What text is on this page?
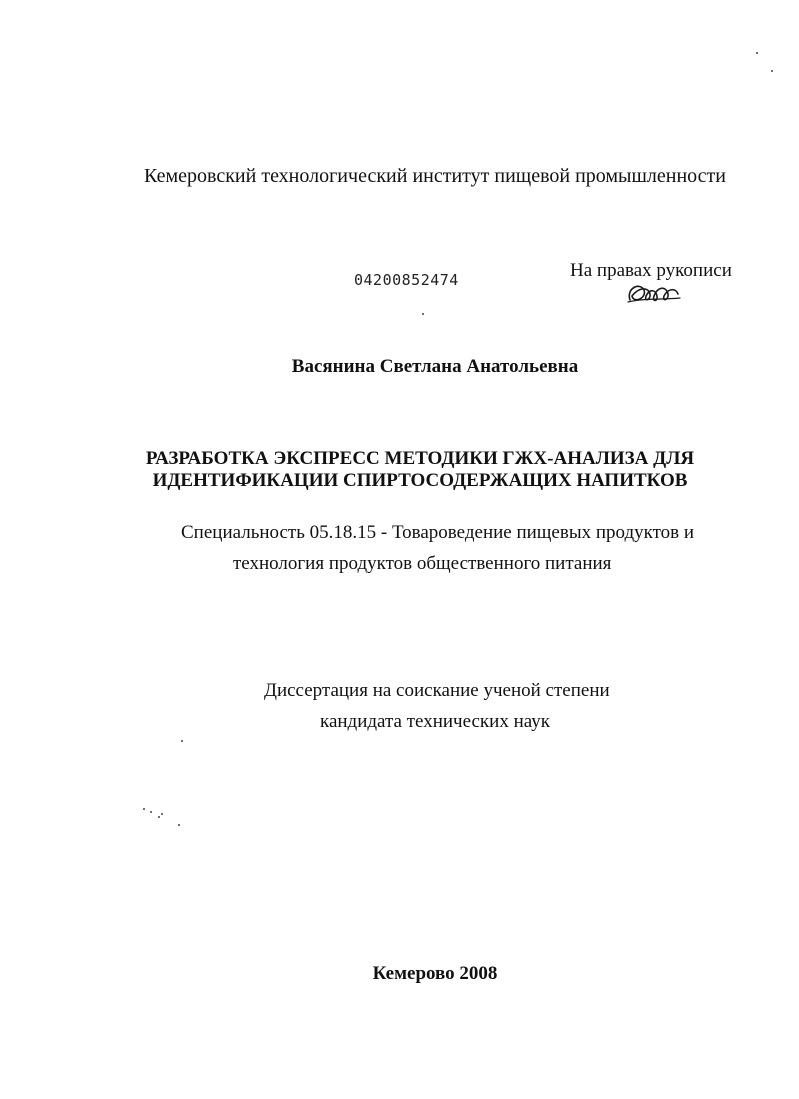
Кемеровский технологический институт пищевой промышленности
04200852474	На правах рукописи
Васянина Светлана Анатольевна
РАЗРАБОТКА ЭКСПРЕСС МЕТОДИКИ ГЖХ-АНАЛИЗА ДЛЯ
ИДЕНТИФИКАЦИИ СПИРТОСОДЕРЖАЩИХ НАПИТКОВ
Специальность 05.18.15 - Товароведение пищевых продуктов и
технология продуктов общественного питания
Диссертация на соискание ученой степени
кандидата технических наук
Кемерово 2008
